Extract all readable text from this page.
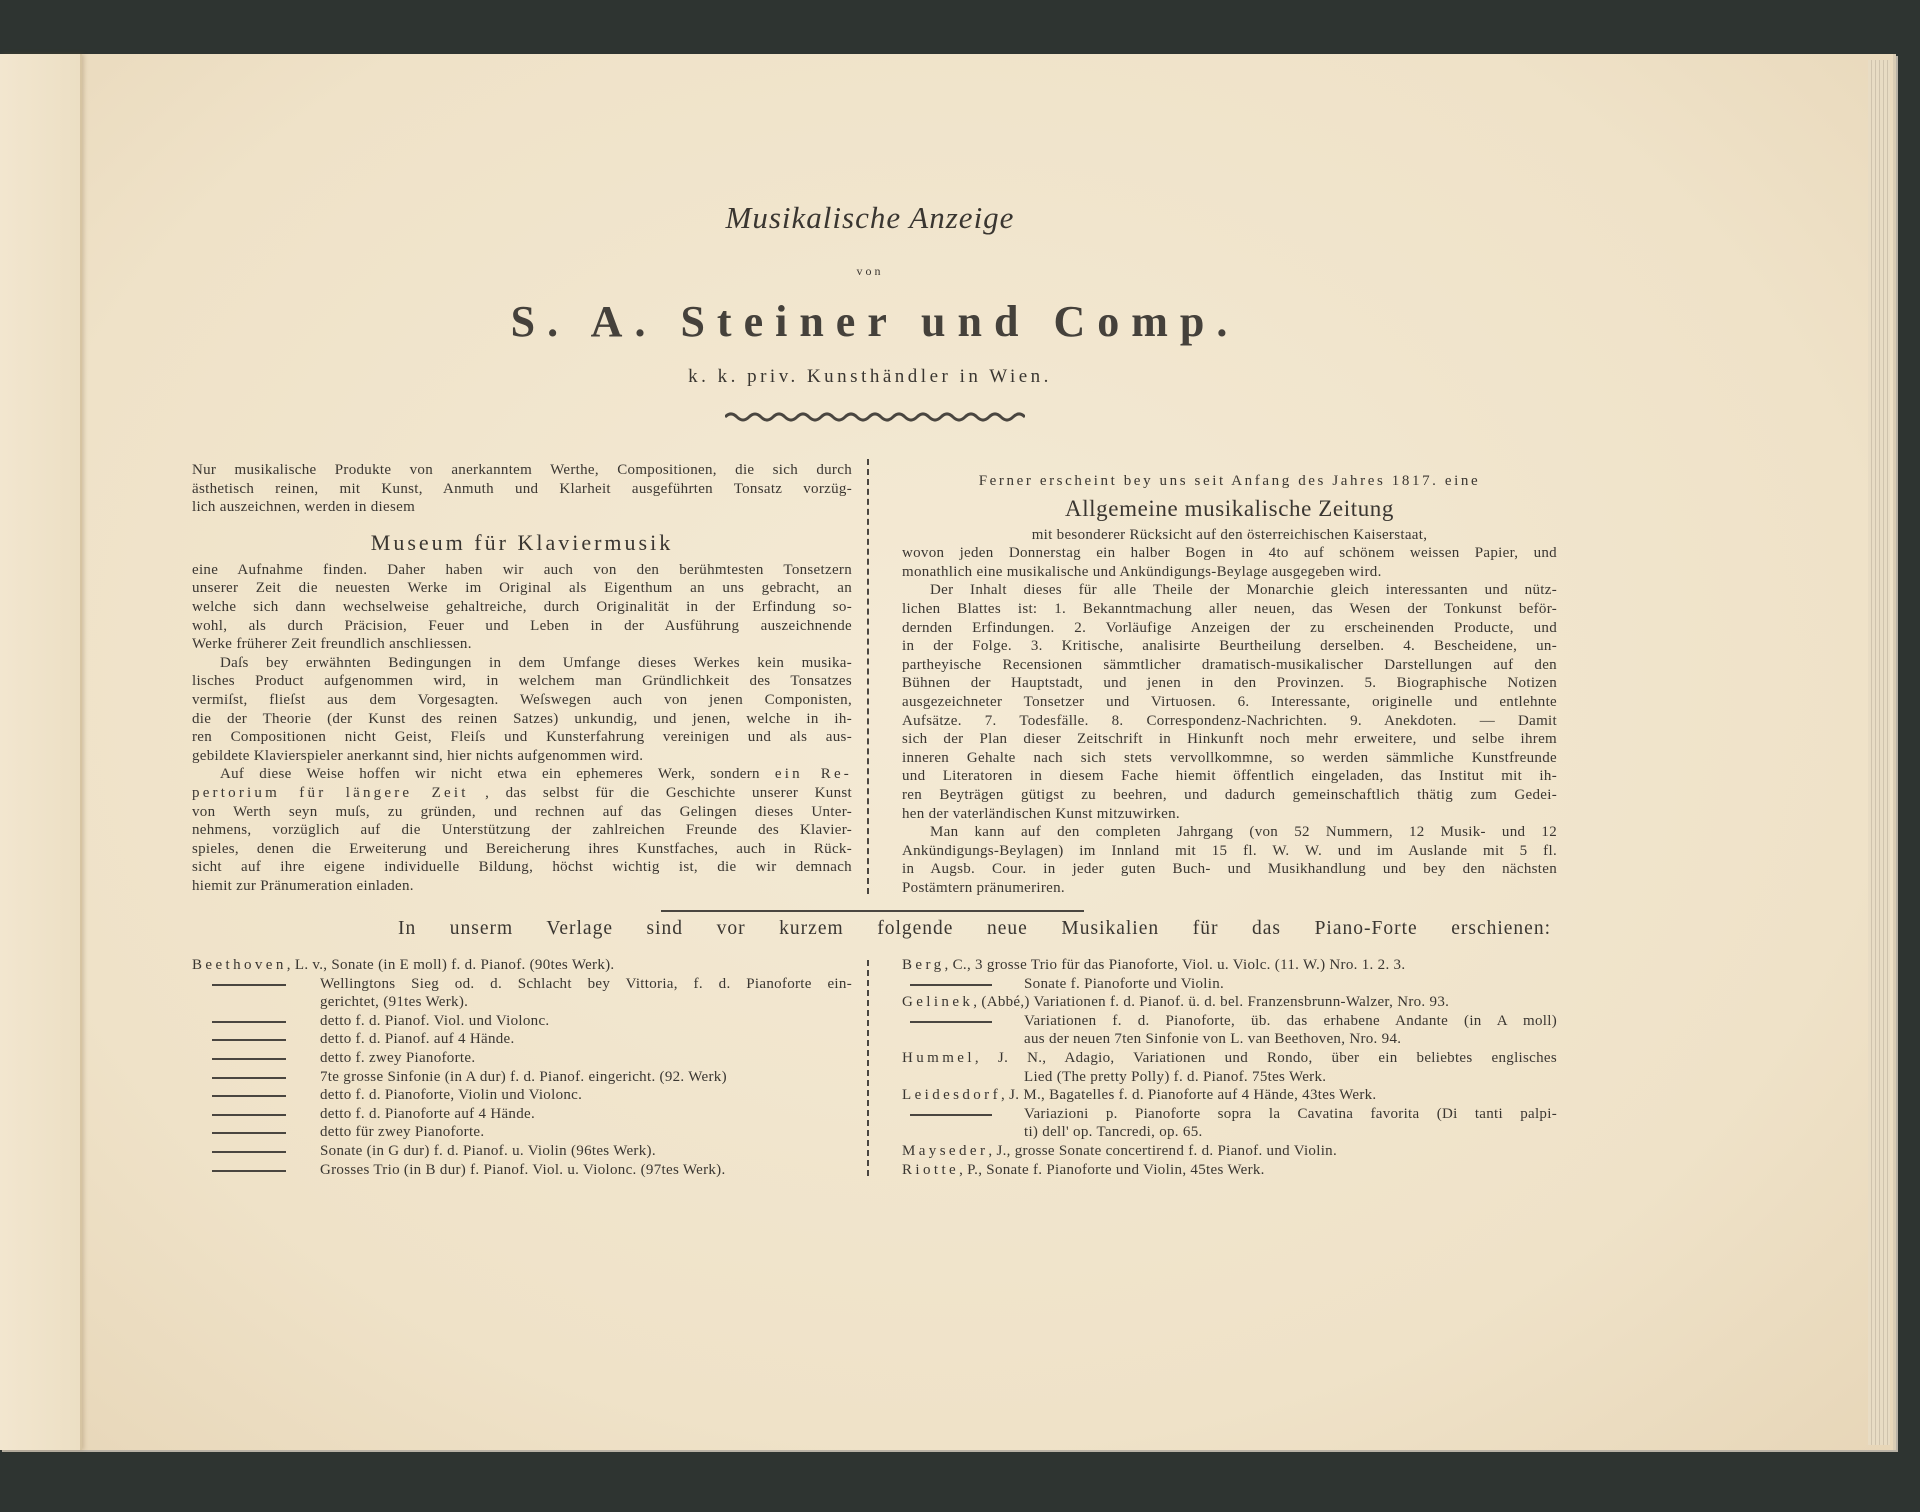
Musikalische Anzeige
von
S. A. Steiner und Comp.
k. k. priv. Kunsthändler in Wien.
Nur musikalische Produkte von anerkanntem Werthe, Compositionen, die sich durch
ästhetisch reinen, mit Kunst, Anmuth und Klarheit ausgeführten Tonsatz vorzüg-
lich auszeichnen, werden in diesem
Museum für Klaviermusik
eine Aufnahme finden. Daher haben wir auch von den berühmtesten Tonsetzern
unserer Zeit die neuesten Werke im Original als Eigenthum an uns gebracht, an
welche sich dann wechselweise gehaltreiche, durch Originalität in der Erfindung so-
wohl, als durch Präcision, Feuer und Leben in der Ausführung auszeichnende
Werke früherer Zeit freundlich anschliessen.
Daſs bey erwähnten Bedingungen in dem Umfange dieses Werkes kein musika-
lisches Product aufgenommen wird, in welchem man Gründlichkeit des Tonsatzes
vermiſst, flieſst aus dem Vorgesagten. Weſswegen auch von jenen Componisten,
die der Theorie (der Kunst des reinen Satzes) unkundig, und jenen, welche in ih-
ren Compositionen nicht Geist, Fleiſs und Kunsterfahrung vereinigen und als aus-
gebildete Klavierspieler anerkannt sind, hier nichts aufgenommen wird.
Auf diese Weise hoffen wir nicht etwa ein ephemeres Werk, sondern ein Re-
pertorium für längere Zeit , das selbst für die Geschichte unserer Kunst
von Werth seyn muſs, zu gründen, und rechnen auf das Gelingen dieses Unter-
nehmens, vorzüglich auf die Unterstützung der zahlreichen Freunde des Klavier-
spieles, denen die Erweiterung und Bereicherung ihres Kunstfaches, auch in Rück-
sicht auf ihre eigene individuelle Bildung, höchst wichtig ist, die wir demnach
hiemit zur Pränumeration einladen.
Ferner erscheint bey uns seit Anfang des Jahres 1817. eine
Allgemeine musikalische Zeitung
mit besonderer Rücksicht auf den österreichischen Kaiserstaat,
wovon jeden Donnerstag ein halber Bogen in 4to auf schönem weissen Papier, und
monathlich eine musikalische und Ankündigungs-Beylage ausgegeben wird.
Der Inhalt dieses für alle Theile der Monarchie gleich interessanten und nütz-
lichen Blattes ist: 1. Bekanntmachung aller neuen, das Wesen der Tonkunst beför-
dernden Erfindungen. 2. Vorläufige Anzeigen der zu erscheinenden Producte, und
in der Folge. 3. Kritische, analisirte Beurtheilung derselben. 4. Bescheidene, un-
partheyische Recensionen sämmtlicher dramatisch-musikalischer Darstellungen auf den
Bühnen der Hauptstadt, und jenen in den Provinzen. 5. Biographische Notizen
ausgezeichneter Tonsetzer und Virtuosen. 6. Interessante, originelle und entlehnte
Aufsätze. 7. Todesfälle. 8. Correspondenz-Nachrichten. 9. Anekdoten. — Damit
sich der Plan dieser Zeitschrift in Hinkunft noch mehr erweitere, und selbe ihrem
inneren Gehalte nach sich stets vervollkommne, so werden sämmliche Kunstfreunde
und Literatoren in diesem Fache hiemit öffentlich eingeladen, das Institut mit ih-
ren Beyträgen gütigst zu beehren, und dadurch gemeinschaftlich thätig zum Gedei-
hen der vaterländischen Kunst mitzuwirken.
Man kann auf den completen Jahrgang (von 52 Nummern, 12 Musik- und 12
Ankündigungs-Beylagen) im Innland mit 15 fl. W. W. und im Auslande mit 5 fl.
in Augsb. Cour. in jeder guten Buch- und Musikhandlung und bey den nächsten
Postämtern pränumeriren.
In unserm Verlage sind vor kurzem folgende neue Musikalien für das Piano-Forte erschienen:
Beethoven, L. v., Sonate (in E moll) f. d. Pianof. (90tes Werk).
Wellingtons Sieg od. d. Schlacht bey Vittoria, f. d. Pianoforte ein-
gerichtet, (91tes Werk).
detto f. d. Pianof. Viol. und Violonc.
detto f. d. Pianof. auf 4 Hände.
detto f. zwey Pianoforte.
7te grosse Sinfonie (in A dur) f. d. Pianof. eingericht. (92. Werk)
detto f. d. Pianoforte, Violin und Violonc.
detto f. d. Pianoforte auf 4 Hände.
detto für zwey Pianoforte.
Sonate (in G dur) f. d. Pianof. u. Violin (96tes Werk).
Grosses Trio (in B dur) f. Pianof. Viol. u. Violonc. (97tes Werk).
Berg, C., 3 grosse Trio für das Pianoforte, Viol. u. Violc. (11. W.) Nro. 1. 2. 3.
Sonate f. Pianoforte und Violin.
Gelinek, (Abbé,) Variationen f. d. Pianof. ü. d. bel. Franzensbrunn-Walzer, Nro. 93.
Variationen f. d. Pianoforte, üb. das erhabene Andante (in A moll)
aus der neuen 7ten Sinfonie von L. van Beethoven, Nro. 94.
Hummel, J. N., Adagio, Variationen und Rondo, über ein beliebtes englisches
Lied (The pretty Polly) f. d. Pianof. 75tes Werk.
Leidesdorf, J. M., Bagatelles f. d. Pianoforte auf 4 Hände, 43tes Werk.
Variazioni p. Pianoforte sopra la Cavatina favorita (Di tanti palpi-
ti) dell' op. Tancredi, op. 65.
Mayseder, J., grosse Sonate concertirend f. d. Pianof. und Violin.
Riotte, P., Sonate f. Pianoforte und Violin, 45tes Werk.
